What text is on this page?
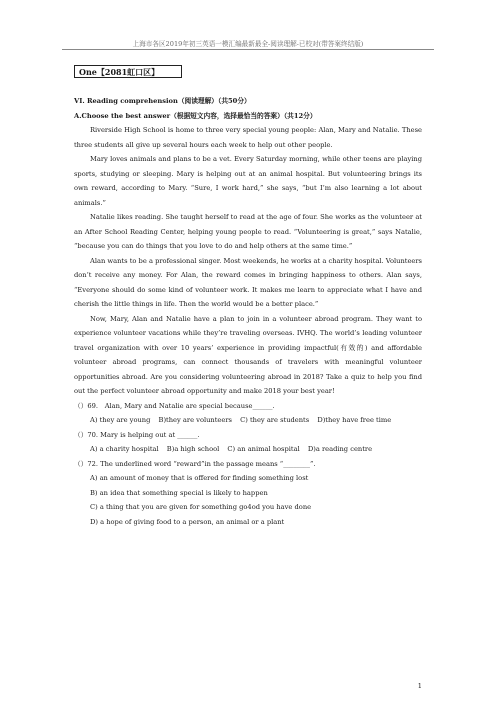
上海市各区2019年初三英语一模汇编最新最全-阅读理解-已校对(带答案终结版)
One【2081虹口区】

VI. Reading comprehension（阅读理解）（共50分）

A.Choose the best answer（根据短文内容，选择最恰当的答案）（共12分）

Riverside High School is home to three very special young people: Alan, Mary and Natalie. These three students all give up several hours each week to help out other people.

Mary loves animals and plans to be a vet. Every Saturday morning, while other teens are playing sports, studying or sleeping. Mary is helping out at an animal hospital. But volunteering brings its own reward, according to Mary. “Sure, I work hard,” she says, “but I’m also learning a lot about animals.”

Natalie likes reading. She taught herself to read at the age of four. She works as the volunteer at an After School Reading Center, helping young people to read. “Volunteering is great,” says Natalie, “because you can do things that you love to do and help others at the same time.”

Alan wants to be a professional singer. Most weekends, he works at a charity hospital. Volunteers don’t receive any money. For Alan, the reward comes in bringing happiness to others. Alan says, “Everyone should do some kind of volunteer work. It makes me learn to appreciate what I have and cherish the little things in life. Then the world would be a better place.”

Now, Mary, Alan and Natalie have a plan to join in a volunteer abroad program. They want to experience volunteer vacations while they’re traveling overseas. IVHQ. The world’s leading volunteer travel organization with over 10 years’ experience in providing impactful(有效的) and affordable volunteer abroad programs, can connect thousands of travelers with meaningful volunteer opportunities abroad. Are you considering volunteering abroad in 2018? Take a quiz to help you find out the perfect volunteer abroad opportunity and make 2018 your best year!

（）69.　Alan, Mary and Natalie are special because______.

A) they are young B)they are volunteers C) they are students D)they have free time

（）70. Mary is helping out at ______.

A) a charity hospital B)a high school C) an animal hospital D)a reading centre

（）72. The underlined word “reward”in the passage means “________”.

A) an amount of money that is offered for finding something lost

B) an idea that something special is likely to happen

C) a thing that you are given for something go4od you have done

D) a hope of giving food to a person, an animal or a plant

1
